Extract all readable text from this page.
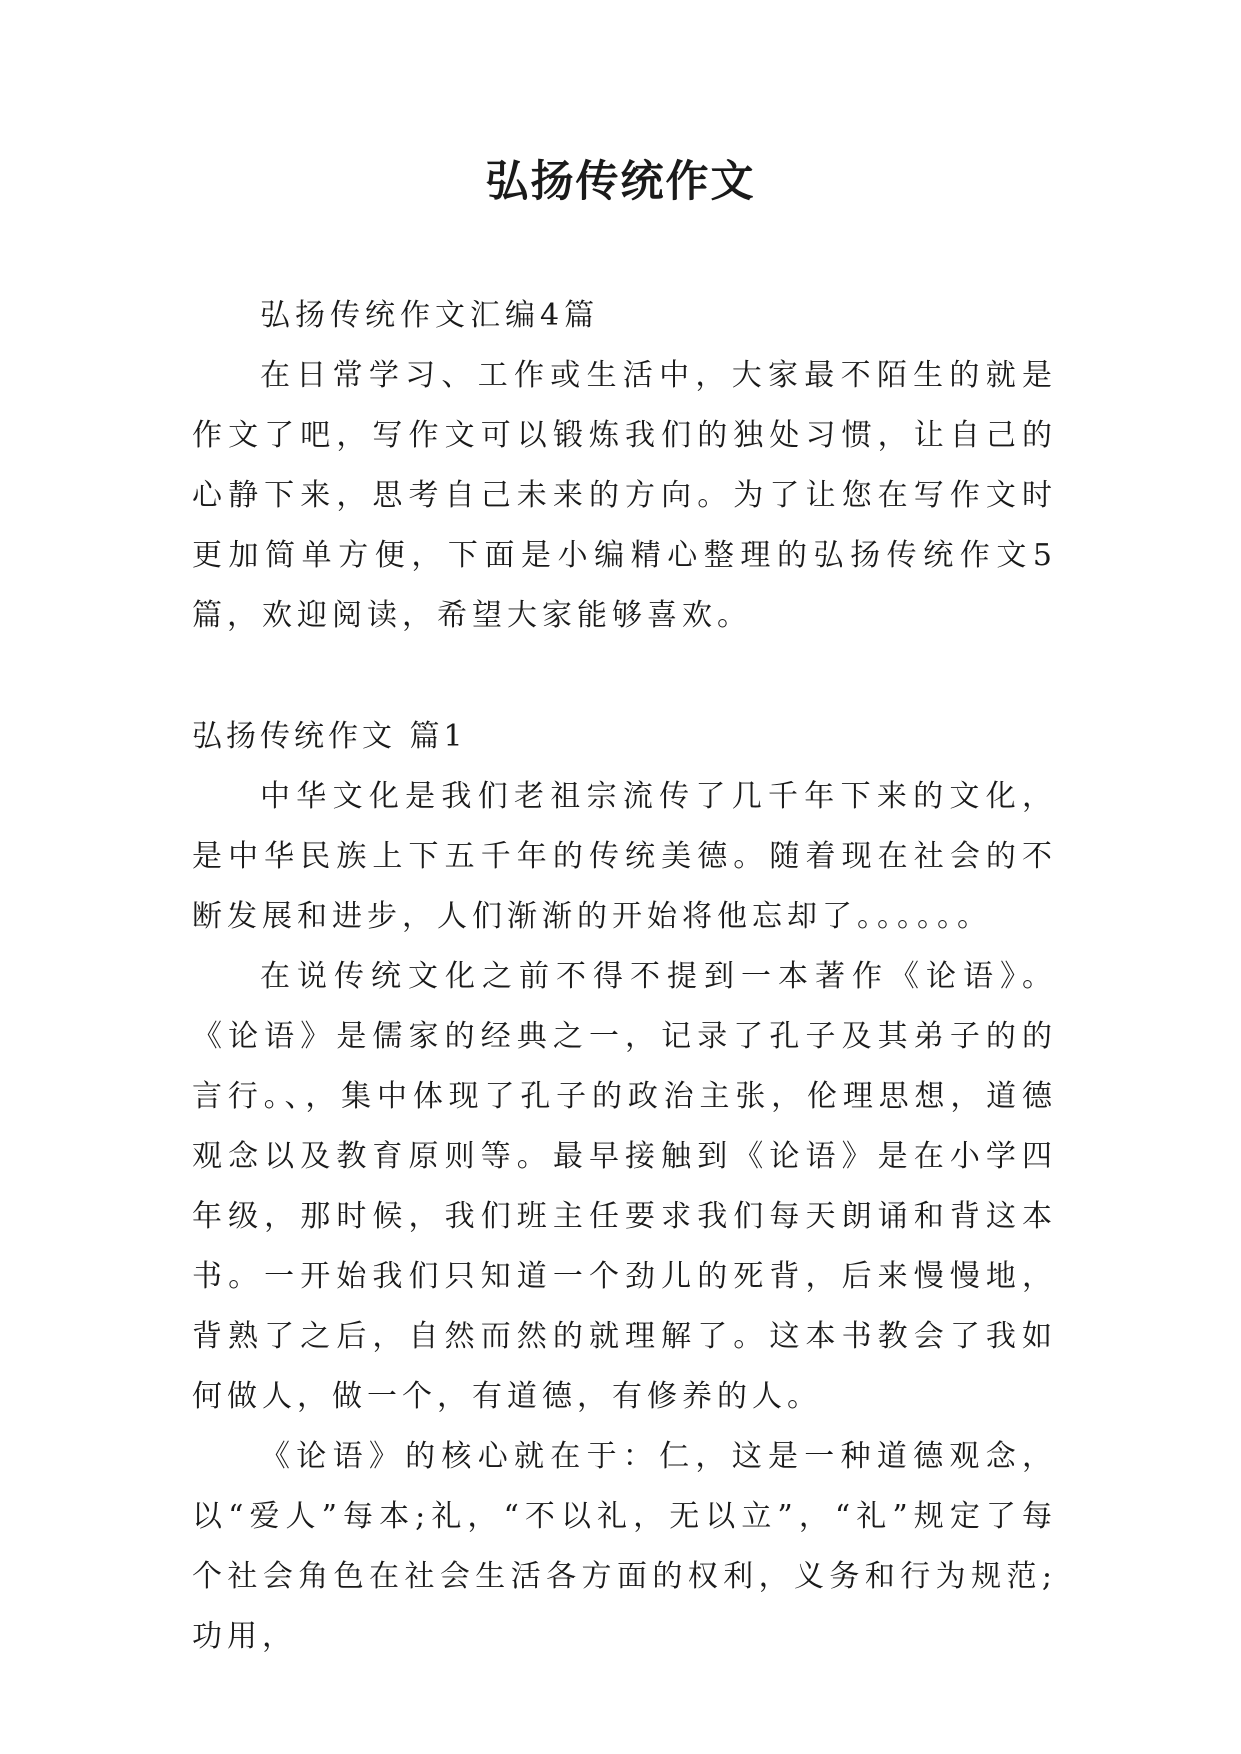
弘扬传统作文

弘扬传统作文汇编4篇

在日常学习、工作或生活中，大家最不陌生的就是作文了吧，写作文可以锻炼我们的独处习惯，让自己的心静下来，思考自己未来的方向。为了让您在写作文时更加简单方便，下面是小编精心整理的弘扬传统作文5篇，欢迎阅读，希望大家能够喜欢。

弘扬传统作文 篇1

中华文化是我们老祖宗流传了几千年下来的文化，是中华民族上下五千年的传统美德。随着现在社会的不断发展和进步，人们渐渐的开始将他忘却了。。。。。。

在说传统文化之前不得不提到一本著作《论语》。《论语》是儒家的经典之一，记录了孔子及其弟子的的言行。、，集中体现了孔子的政治主张，伦理思想，道德观念以及教育原则等。最早接触到《论语》是在小学四年级，那时候，我们班主任要求我们每天朗诵和背这本书。一开始我们只知道一个劲儿的死背，后来慢慢地，背熟了之后，自然而然的就理解了。这本书教会了我如何做人，做一个，有道德，有修养的人。

《论语》的核心就在于：仁，这是一种道德观念，以“爱人”每本;礼，“不以礼，无以立”，“礼”规定了每个社会角色在社会生活各方面的权利，义务和行为规范;功用，
